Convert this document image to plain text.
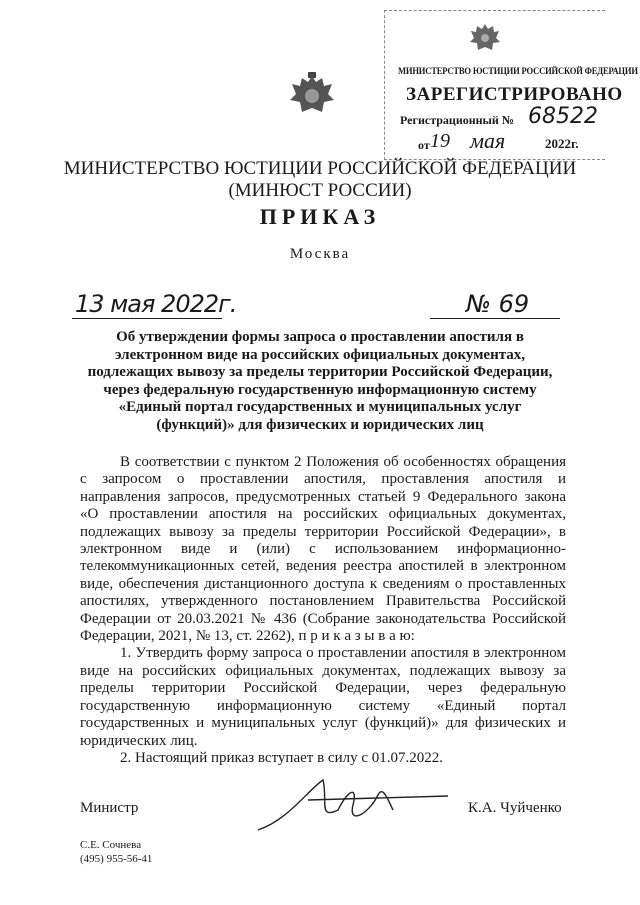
МИНИСТЕРСТВО ЮСТИЦИИ РОССИЙСКОЙ ФЕДЕРАЦИИ
ЗАРЕГИСТРИРОВАНО
Регистрационный № 68522
от 19 мая	2022г.
МИНИСТЕРСТВО ЮСТИЦИИ РОССИЙСКОЙ ФЕДЕРАЦИИ
(МИНЮСТ РОССИИ)
ПРИКАЗ
Москва
13 мая 2022г.	№ 69
Об утверждении формы запроса о проставлении апостиля в электронном виде на российских официальных документах, подлежащих вывозу за пределы территории Российской Федерации, через федеральную государственную информационную систему «Единый портал государственных и муниципальных услуг (функций)» для физических и юридических лиц

В соответствии с пунктом 2 Положения об особенностях обращения с запросом о проставлении апостиля, проставления апостиля и направления запросов, предусмотренных статьей 9 Федерального закона «О проставлении апостиля на российских официальных документах, подлежащих вывозу за пределы территории Российской Федерации», в электронном виде и (или) с использованием информационно-телекоммуникационных сетей, ведения реестра апостилей в электронном виде, обеспечения дистанционного доступа к сведениям о проставленных апостилях, утвержденного постановлением Правительства Российской Федерации от 20.03.2021 № 436 (Собрание законодательства Российской Федерации, 2021, № 13, ст. 2262), п р и к а з ы в а ю:

1. Утвердить форму запроса о проставлении апостиля в электронном виде на российских официальных документах, подлежащих вывозу за пределы территории Российской Федерации, через федеральную государственную информационную систему «Единый портал государственных и муниципальных услуг (функций)» для физических и юридических лиц.

2. Настоящий приказ вступает в силу с 01.07.2022.

Министр	К.А. Чуйченко
С.Е. Сочнева
(495) 955-56-41
